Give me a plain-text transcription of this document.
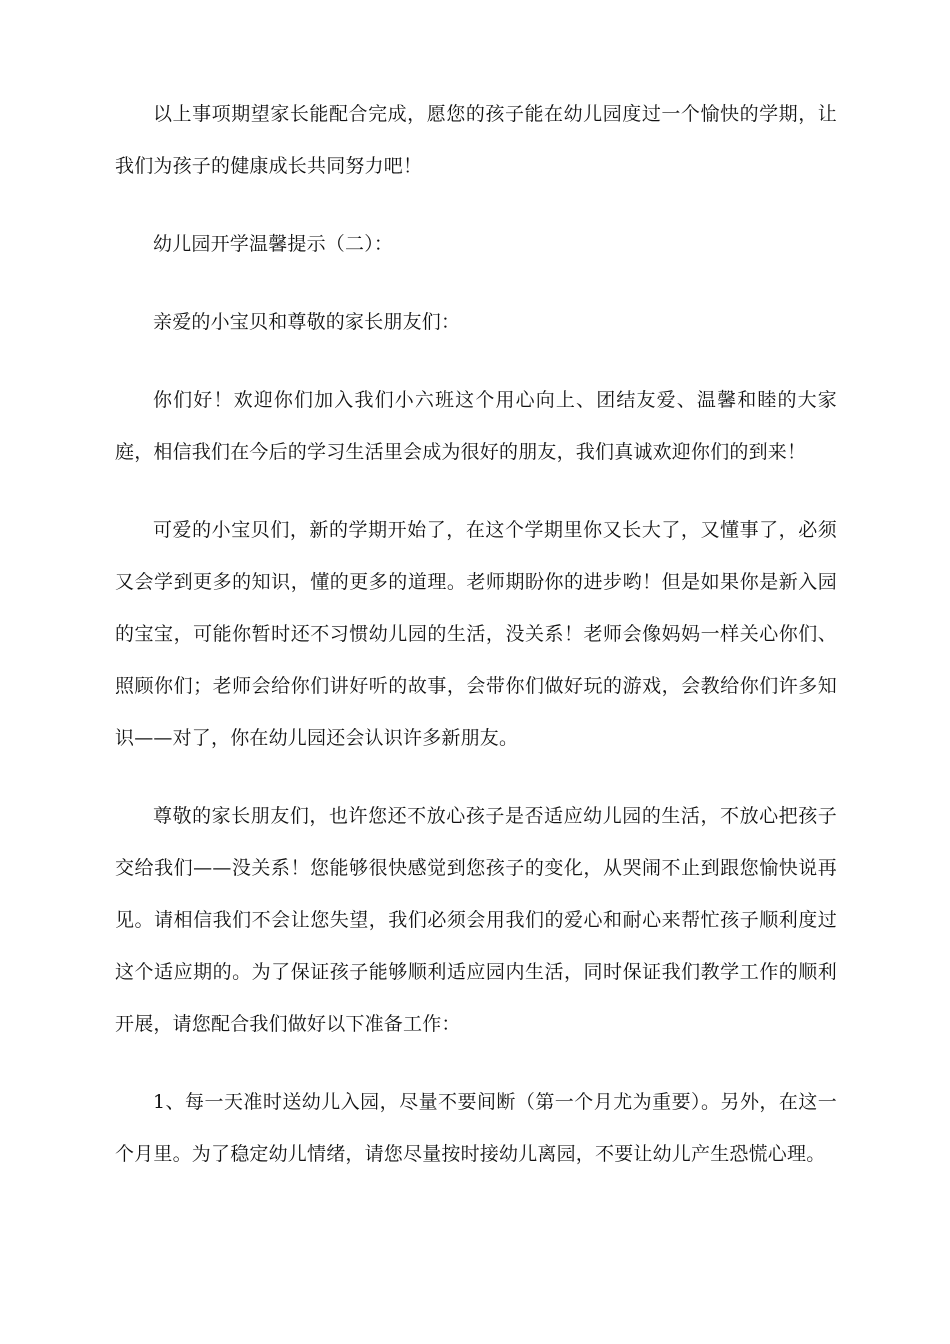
以上事项期望家长能配合完成，愿您的孩子能在幼儿园度过一个愉快的学期，让我们为孩子的健康成长共同努力吧！

幼儿园开学温馨提示（二）：

亲爱的小宝贝和尊敬的家长朋友们：

你们好！欢迎你们加入我们小六班这个用心向上、团结友爱、温馨和睦的大家庭，相信我们在今后的学习生活里会成为很好的朋友，我们真诚欢迎你们的到来！

可爱的小宝贝们，新的学期开始了，在这个学期里你又长大了，又懂事了，必须又会学到更多的知识，懂的更多的道理。老师期盼你的进步哟！但是如果你是新入园的宝宝，可能你暂时还不习惯幼儿园的生活，没关系！老师会像妈妈一样关心你们、照顾你们；老师会给你们讲好听的故事，会带你们做好玩的游戏，会教给你们许多知识——对了，你在幼儿园还会认识许多新朋友。

尊敬的家长朋友们，也许您还不放心孩子是否适应幼儿园的生活，不放心把孩子交给我们——没关系！您能够很快感觉到您孩子的变化，从哭闹不止到跟您愉快说再见。请相信我们不会让您失望，我们必须会用我们的爱心和耐心来帮忙孩子顺利度过这个适应期的。为了保证孩子能够顺利适应园内生活，同时保证我们教学工作的顺利开展，请您配合我们做好以下准备工作：

1、每一天准时送幼儿入园，尽量不要间断（第一个月尤为重要）。另外，在这一个月里。为了稳定幼儿情绪，请您尽量按时接幼儿离园，不要让幼儿产生恐慌心理。
